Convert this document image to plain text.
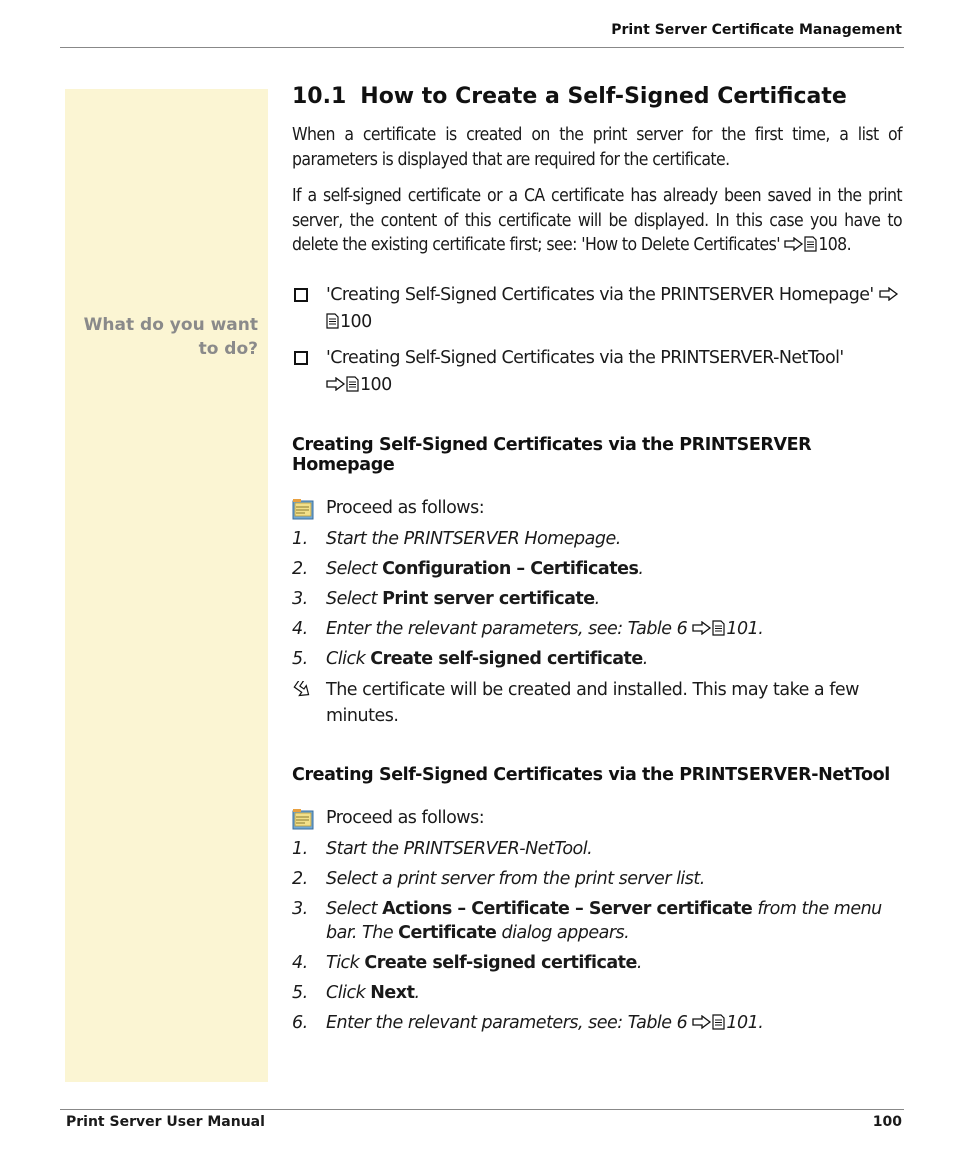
Print Server Certificate Management
What do you want
to do?
10.1 How to Create a Self-Signed Certificate

When a certificate is created on the print server for the first time, a list of parameters is displayed that are required for the certificate.

If a self-signed certificate or a CA certificate has already been saved in the print server, the content of this certificate will be displayed. In this case you have to delete the existing certificate first; see: 'How to Delete Certificates' 108.

'Creating Self-Signed Certificates via the PRINTSERVER Homepage' 100
'Creating Self-Signed Certificates via the PRINTSERVER-NetTool'
100
Creating Self-Signed Certificates via the PRINTSERVER Homepage
Proceed as follows:
1. Start the PRINTSERVER Homepage.
2. Select Configuration – Certificates.
3. Select Print server certificate.
4. Enter the relevant parameters, see: Table 6 101.
5. Click Create self-signed certificate.
The certificate will be created and installed. This may take a few minutes.
Creating Self-Signed Certificates via the PRINTSERVER-NetTool
Proceed as follows:
1. Start the PRINTSERVER-NetTool.
2. Select a print server from the print server list.
3. Select Actions – Certificate – Server certificate from the menu bar. The Certificate dialog appears.
4. Tick Create self-signed certificate.
5. Click Next.
6. Enter the relevant parameters, see: Table 6 101.
Print Server User Manual	100
